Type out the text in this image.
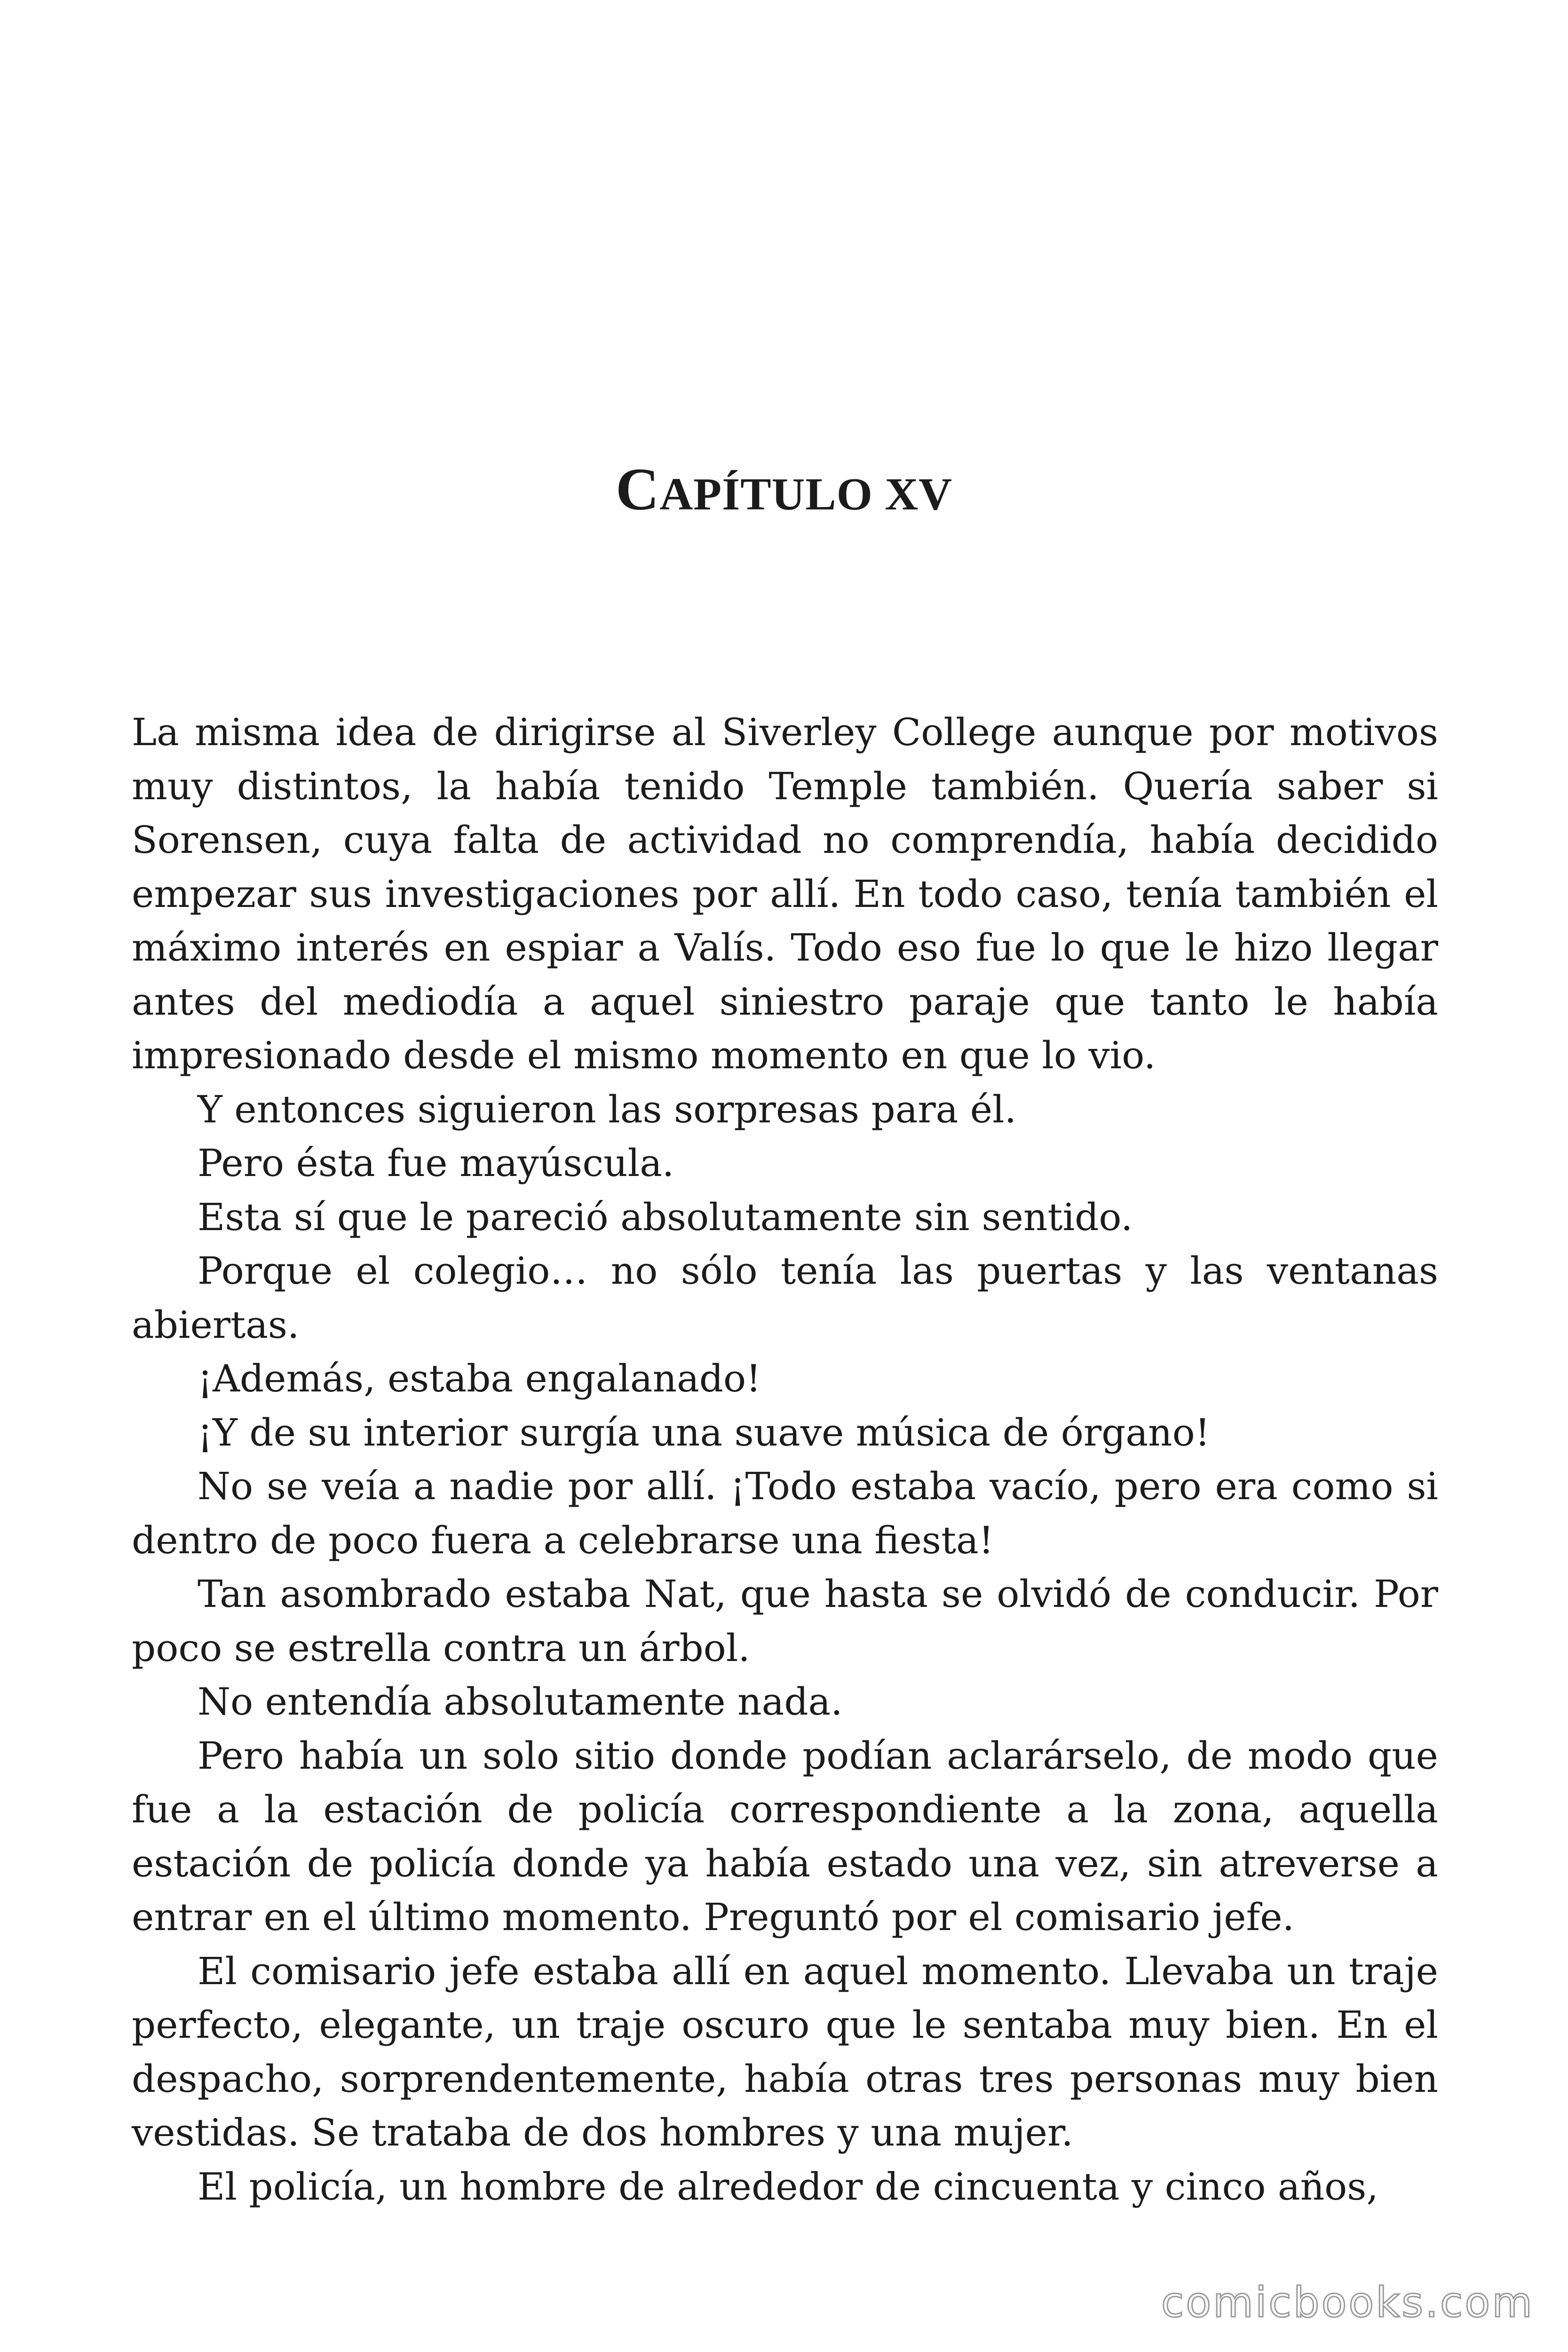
CAPÍTULO XV

La misma idea de dirigirse al Siverley College aunque por motivos muy distintos, la había tenido Temple también. Quería saber si Sorensen, cuya falta de actividad no comprendía, había decidido empezar sus investigaciones por allí. En todo caso, tenía también el máximo interés en espiar a Valís. Todo eso fue lo que le hizo llegar antes del mediodía a aquel siniestro paraje que tanto le había impresionado desde el mismo momento en que lo vio.

Y entonces siguieron las sorpresas para él.

Pero ésta fue mayúscula.

Esta sí que le pareció absolutamente sin sentido.

Porque el colegio… no sólo tenía las puertas y las ventanas abiertas.

¡Además, estaba engalanado!

¡Y de su interior surgía una suave música de órgano!

No se veía a nadie por allí. ¡Todo estaba vacío, pero era como si dentro de poco fuera a celebrarse una fiesta!

Tan asombrado estaba Nat, que hasta se olvidó de conducir. Por poco se estrella contra un árbol.

No entendía absolutamente nada.

Pero había un solo sitio donde podían aclarárselo, de modo que fue a la estación de policía correspondiente a la zona, aquella estación de policía donde ya había estado una vez, sin atreverse a entrar en el último momento. Preguntó por el comisario jefe.

El comisario jefe estaba allí en aquel momento. Llevaba un traje perfecto, elegante, un traje oscuro que le sentaba muy bien. En el despacho, sorprendentemente, había otras tres personas muy bien vestidas. Se trataba de dos hombres y una mujer.

El policía, un hombre de alrededor de cincuenta y cinco años,

comicbooks.com
